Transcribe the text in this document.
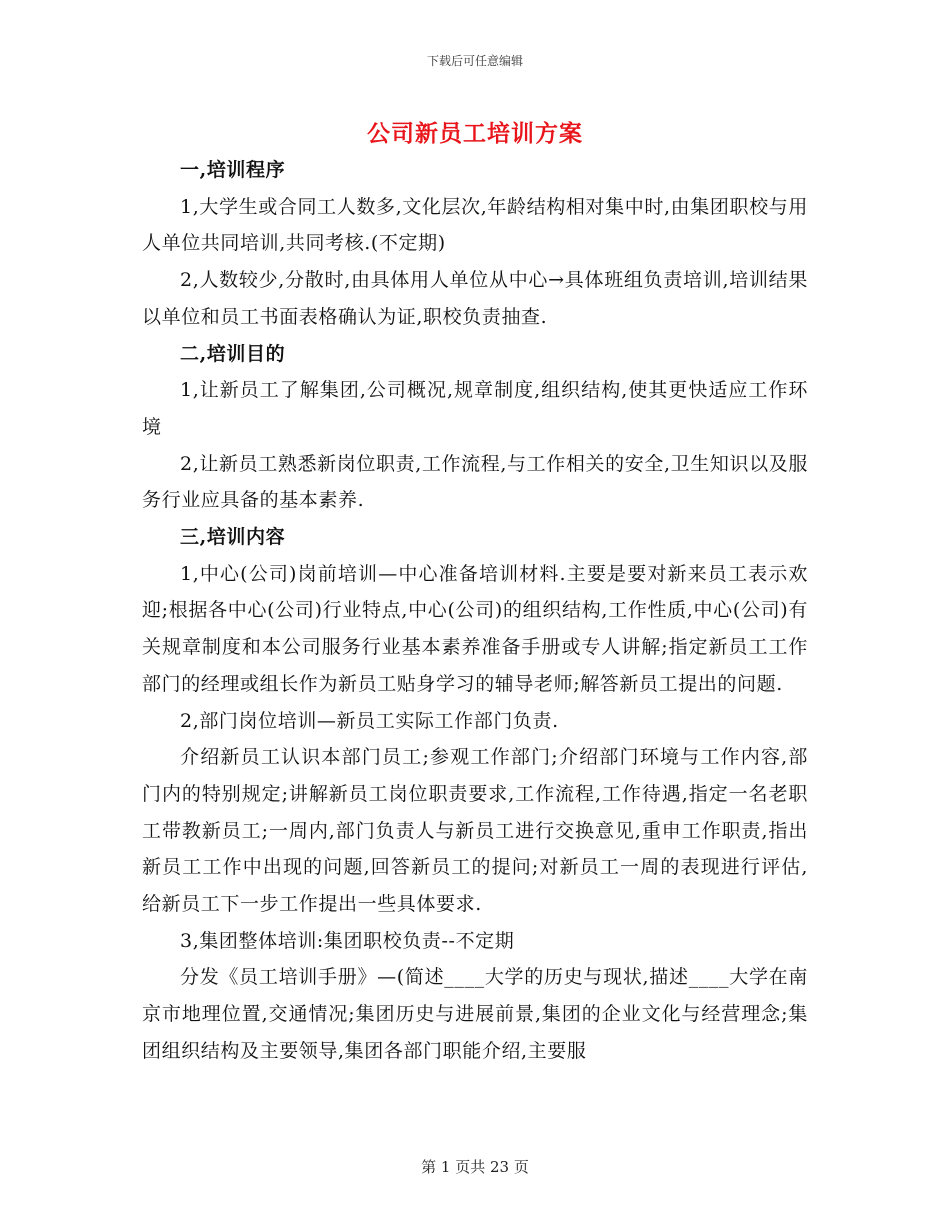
下载后可任意编辑
公司新员工培训方案
一,培训程序

1,大学生或合同工人数多,文化层次,年龄结构相对集中时,由集团职校与用人单位共同培训,共同考核.(不定期)

2,人数较少,分散时,由具体用人单位从中心→具体班组负责培训,培训结果以单位和员工书面表格确认为证,职校负责抽查.

二,培训目的

1,让新员工了解集团,公司概况,规章制度,组织结构,使其更快适应工作环境

2,让新员工熟悉新岗位职责,工作流程,与工作相关的安全,卫生知识以及服务行业应具备的基本素养.

三,培训内容

1,中心(公司)岗前培训—中心准备培训材料.主要是要对新来员工表示欢迎;根据各中心(公司)行业特点,中心(公司)的组织结构,工作性质,中心(公司)有关规章制度和本公司服务行业基本素养准备手册或专人讲解;指定新员工工作部门的经理或组长作为新员工贴身学习的辅导老师;解答新员工提出的问题.

2,部门岗位培训—新员工实际工作部门负责.

介绍新员工认识本部门员工;参观工作部门;介绍部门环境与工作内容,部门内的特别规定;讲解新员工岗位职责要求,工作流程,工作待遇,指定一名老职工带教新员工;一周内,部门负责人与新员工进行交换意见,重申工作职责,指出新员工工作中出现的问题,回答新员工的提问;对新员工一周的表现进行评估,给新员工下一步工作提出一些具体要求.

3,集团整体培训:集团职校负责--不定期

分发《员工培训手册》—(简述____大学的历史与现状,描述____大学在南京市地理位置,交通情况;集团历史与进展前景,集团的企业文化与经营理念;集团组织结构及主要领导,集团各部门职能介绍,主要服

第 1 页共 23 页
